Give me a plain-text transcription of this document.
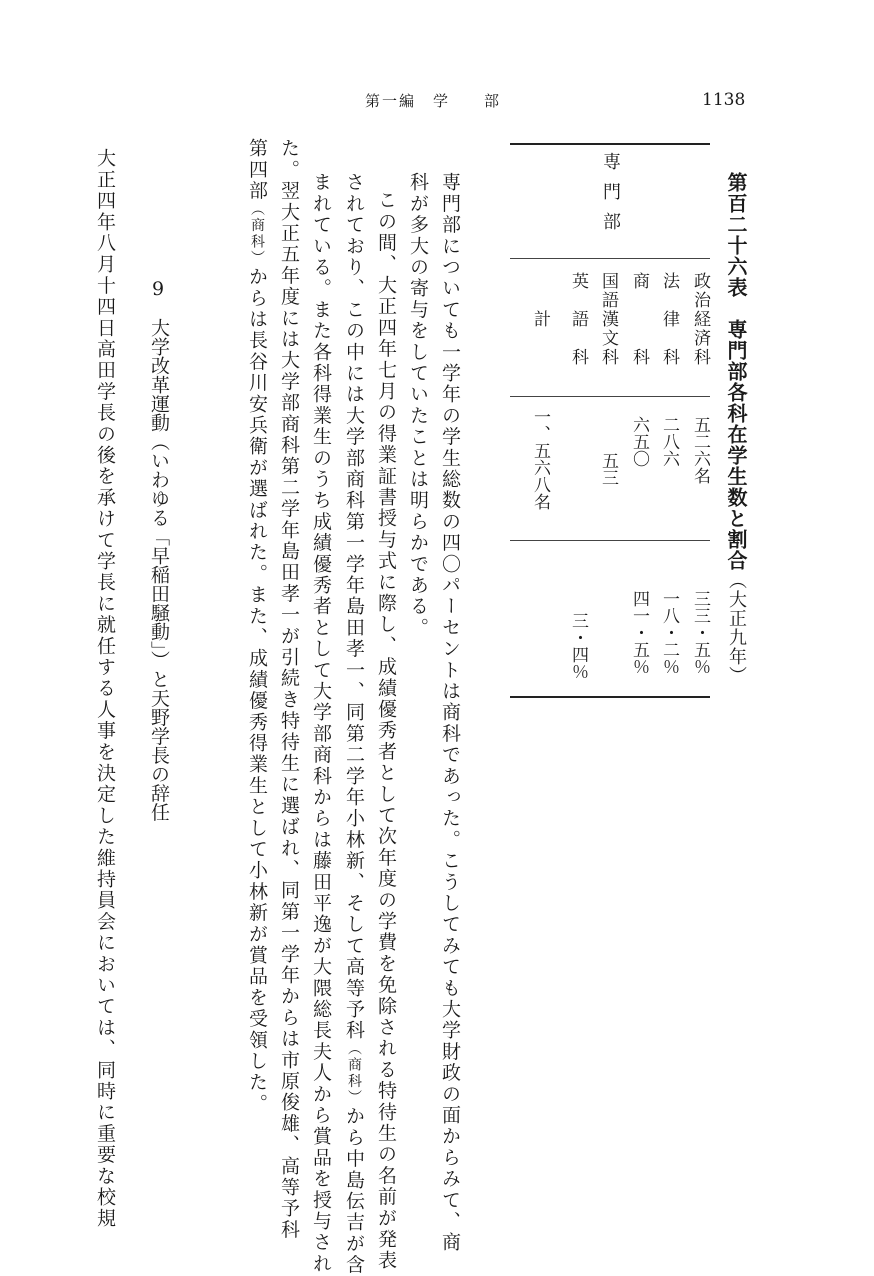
第一編　学　　部	1138
第百二十六表　専門部各科在学生数と割合（大正九年）
専門部
政治経済科
五二六名
三三・五％
法　律　科
二八六
一八・二％
商　　　科
六五〇
四一・五％
国語漢文科
英　語　科
五三
三・四％
計
一、五六八名
専門部についても一学年の学生総数の四〇パーセントは商科であった。こうしてみても大学財政の面からみて、商
科が多大の寄与をしていたことは明らかである。
この間、大正四年七月の得業証書授与式に際し、成績優秀者として次年度の学費を免除される特待生の名前が発表
されており、この中には大学部商科第一学年島田孝一、同第二学年小林新、そして高等予科（商科）から中島伝吉が含
まれている。また各科得業生のうち成績優秀者として大学部商科からは藤田平逸が大隈総長夫人から賞品を授与され
た。翌大正五年度には大学部商科第二学年島田孝一が引続き特待生に選ばれ、同第一学年からは市原俊雄、高等予科
第四部（商科）からは長谷川安兵衛が選ばれた。また、成績優秀得業生として小林新が賞品を受領した。
9
大学改革運動（いわゆる「早稲田騒動」）と天野学長の辞任
大正四年八月十四日高田学長の後を承けて学長に就任する人事を決定した維持員会においては、同時に重要な校規
